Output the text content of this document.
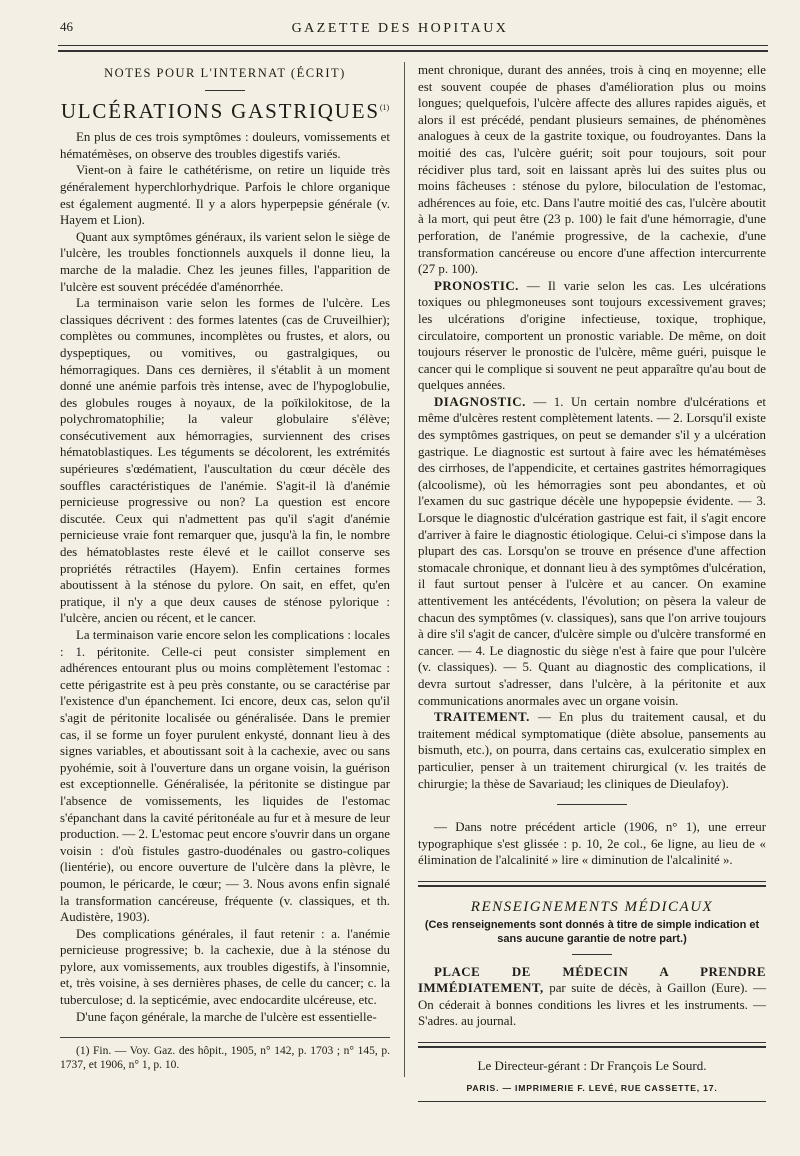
46	GAZETTE DES HOPITAUX
NOTES POUR L'INTERNAT (ÉCRIT)
ULCÉRATIONS GASTRIQUES$^{(1)}$

En plus de ces trois symptômes : douleurs, vomissements et hématémèses, on observe des troubles digestifs variés.

Vient-on à faire le cathétérisme, on retire un liquide très généralement hyperchlorhydrique. Parfois le chlore organique est également augmenté. Il y a alors hyperpepsie générale (v. Hayem et Lion).

Quant aux symptômes généraux, ils varient selon le siège de l'ulcère, les troubles fonctionnels auxquels il donne lieu, la marche de la maladie. Chez les jeunes filles, l'apparition de l'ulcère est souvent précédée d'aménorrhée.

La terminaison varie selon les formes de l'ulcère. Les classiques décrivent : des formes latentes (cas de Cruveilhier); complètes ou communes, incomplètes ou frustes, et alors, ou dyspeptiques, ou vomitives, ou gastralgiques, ou hémorragiques. Dans ces dernières, il s'établit à un moment donné une anémie parfois très intense, avec de l'hypoglobulie, des globules rouges à noyaux, de la poïkilokitose, de la polychromatophilie; la valeur globulaire s'élève; consécutivement aux hémorragies, surviennent des crises hématoblastiques. Les téguments se décolorent, les extrémités supérieures s'œdématient, l'auscultation du cœur décèle des souffles caractéristiques de l'anémie. S'agit-il là d'anémie pernicieuse progressive ou non? La question est encore discutée. Ceux qui n'admettent pas qu'il s'agit d'anémie pernicieuse vraie font remarquer que, jusqu'à la fin, le nombre des hématoblastes reste élevé et le caillot conserve ses propriétés rétractiles (Hayem). Enfin certaines formes aboutissent à la sténose du pylore. On sait, en effet, qu'en pratique, il n'y a que deux causes de sténose pylorique : l'ulcère, ancien ou récent, et le cancer.

La terminaison varie encore selon les complications : locales : 1. péritonite. Celle-ci peut consister simplement en adhérences entourant plus ou moins complètement l'estomac : cette périgastrite est à peu près constante, ou se caractérise par l'existence d'un épanchement. Ici encore, deux cas, selon qu'il s'agit de péritonite localisée ou généralisée. Dans le premier cas, il se forme un foyer purulent enkysté, donnant lieu à des signes variables, et aboutissant soit à la cachexie, avec ou sans pyohémie, soit à l'ouverture dans un organe voisin, la guérison est exceptionnelle. Généralisée, la péritonite se distingue par l'absence de vomissements, les liquides de l'estomac s'épanchant dans la cavité péritonéale au fur et à mesure de leur production. — 2. L'estomac peut encore s'ouvrir dans un organe voisin : d'où fistules gastro-duodénales ou gastro-coliques (lientérie), ou encore ouverture de l'ulcère dans la plèvre, le poumon, le péricarde, le cœur; — 3. Nous avons enfin signalé la transformation cancéreuse, fréquente (v. classiques, et th. Audistère, 1903).

Des complications générales, il faut retenir : a. l'anémie pernicieuse progressive; b. la cachexie, due à la sténose du pylore, aux vomissements, aux troubles digestifs, à l'insomnie, et, très voisine, à ses dernières phases, de celle du cancer; c. la tuberculose; d. la septicémie, avec endocardite ulcéreuse, etc.

D'une façon générale, la marche de l'ulcère est essentielle-

(1) Fin. — Voy. Gaz. des hôpit., 1905, n° 142, p. 1703 ; n° 145, p. 1737, et 1906, n° 1, p. 10.

ment chronique, durant des années, trois à cinq en moyenne; elle est souvent coupée de phases d'amélioration plus ou moins longues; quelquefois, l'ulcère affecte des allures rapides aiguës, et alors il est précédé, pendant plusieurs semaines, de phénomènes analogues à ceux de la gastrite toxique, ou foudroyantes. Dans la moitié des cas, l'ulcère guérit; soit pour toujours, soit pour récidiver plus tard, soit en laissant après lui des suites plus ou moins fâcheuses : sténose du pylore, biloculation de l'estomac, adhérences au foie, etc. Dans l'autre moitié des cas, l'ulcère aboutit à la mort, qui peut être (23 p. 100) le fait d'une hémorragie, d'une perforation, de l'anémie progressive, de la cachexie, d'une transformation cancéreuse ou encore d'une affection intercurrente (27 p. 100).

PRONOSTIC. — Il varie selon les cas. Les ulcérations toxiques ou phlegmoneuses sont toujours excessivement graves; les ulcérations d'origine infectieuse, toxique, trophique, circulatoire, comportent un pronostic variable. De même, on doit toujours réserver le pronostic de l'ulcère, même guéri, puisque le cancer qui le complique si souvent ne peut apparaître qu'au bout de quelques années.

DIAGNOSTIC. — 1. Un certain nombre d'ulcérations et même d'ulcères restent complètement latents. — 2. Lorsqu'il existe des symptômes gastriques, on peut se demander s'il y a ulcération gastrique. Le diagnostic est surtout à faire avec les hématémèses des cirrhoses, de l'appendicite, et certaines gastrites hémorragiques (alcoolisme), où les hémorragies sont peu abondantes, et où l'examen du suc gastrique décèle une hypopepsie évidente. — 3. Lorsque le diagnostic d'ulcération gastrique est fait, il s'agit encore d'arriver à faire le diagnostic étiologique. Celui-ci s'impose dans la plupart des cas. Lorsqu'on se trouve en présence d'une affection stomacale chronique, et donnant lieu à des symptômes d'ulcération, il faut surtout penser à l'ulcère et au cancer. On examine attentivement les antécédents, l'évolution; on pèsera la valeur de chacun des symptômes (v. classiques), sans que l'on arrive toujours à dire s'il s'agit de cancer, d'ulcère simple ou d'ulcère transformé en cancer. — 4. Le diagnostic du siège n'est à faire que pour l'ulcère (v. classiques). — 5. Quant au diagnostic des complications, il devra surtout s'adresser, dans l'ulcère, à la péritonite et aux communications anormales avec un organe voisin.

TRAITEMENT. — En plus du traitement causal, et du traitement médical symptomatique (diète absolue, pansements au bismuth, etc.), on pourra, dans certains cas, exulceratio simplex en particulier, penser à un traitement chirurgical (v. les traités de chirurgie; la thèse de Savariaud; les cliniques de Dieulafoy).

— Dans notre précédent article (1906, n° 1), une erreur typographique s'est glissée : p. 10, 2e col., 6e ligne, au lieu de « élimination de l'alcalinité » lire « diminution de l'alcalinité ».

RENSEIGNEMENTS MÉDICAUX
(Ces renseignements sont donnés à titre de simple indication et sans aucune garantie de notre part.)

PLACE DE MÉDECIN A PRENDRE IMMÉDIATEMENT, par suite de décès, à Gaillon (Eure). — On céderait à bonnes conditions les livres et les instruments. — S'adres. au journal.

Le Directeur-gérant : Dr François Le Sourd.
PARIS. — IMPRIMERIE F. LEVÉ, RUE CASSETTE, 17.
